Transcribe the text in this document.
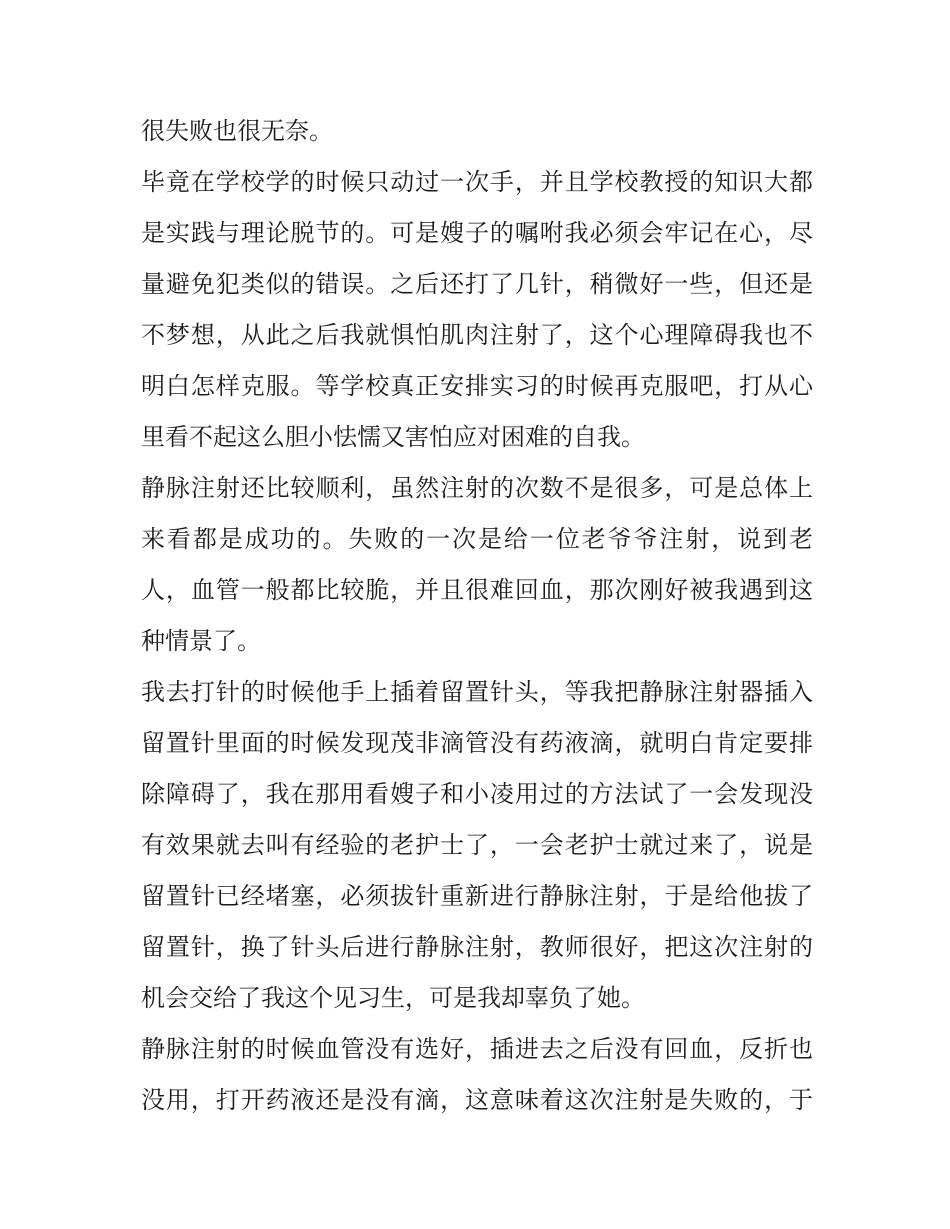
很失败也很无奈。
毕竟在学校学的时候只动过一次手，并且学校教授的知识大都
是实践与理论脱节的。可是嫂子的嘱咐我必须会牢记在心，尽
量避免犯类似的错误。之后还打了几针，稍微好一些，但还是
不梦想，从此之后我就惧怕肌肉注射了，这个心理障碍我也不
明白怎样克服。等学校真正安排实习的时候再克服吧，打从心
里看不起这么胆小怯懦又害怕应对困难的自我。
静脉注射还比较顺利，虽然注射的次数不是很多，可是总体上
来看都是成功的。失败的一次是给一位老爷爷注射，说到老
人，血管一般都比较脆，并且很难回血，那次刚好被我遇到这
种情景了。
我去打针的时候他手上插着留置针头，等我把静脉注射器插入
留置针里面的时候发现茂非滴管没有药液滴，就明白肯定要排
除障碍了，我在那用看嫂子和小凌用过的方法试了一会发现没
有效果就去叫有经验的老护士了，一会老护士就过来了，说是
留置针已经堵塞，必须拔针重新进行静脉注射，于是给他拔了
留置针，换了针头后进行静脉注射，教师很好，把这次注射的
机会交给了我这个见习生，可是我却辜负了她。
静脉注射的时候血管没有选好，插进去之后没有回血，反折也
没用，打开药液还是没有滴，这意味着这次注射是失败的，于
